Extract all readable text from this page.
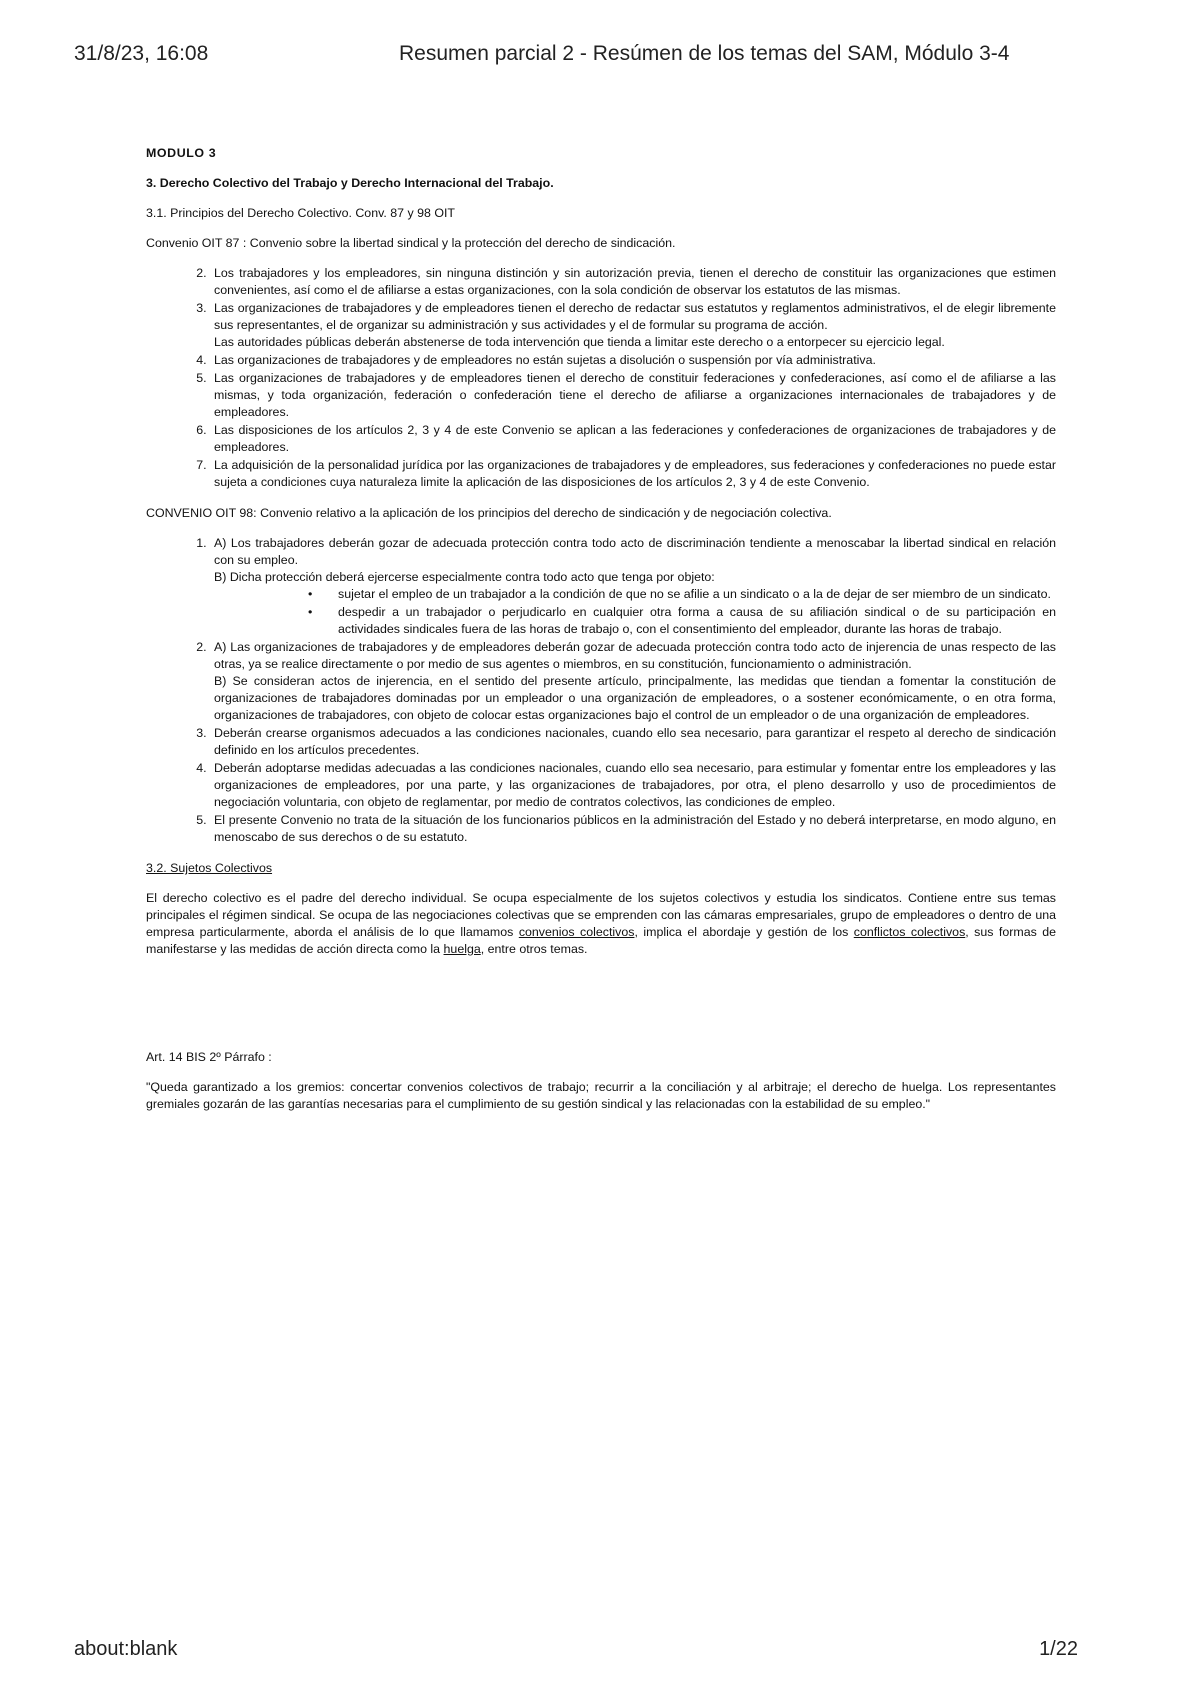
31/8/23, 16:08	Resumen parcial 2 - Resúmen de los temas del SAM, Módulo 3-4

MODULO 3

3. Derecho Colectivo del Trabajo y Derecho Internacional del Trabajo.

3.1. Principios del Derecho Colectivo. Conv. 87 y 98 OIT

Convenio OIT 87 : Convenio sobre la libertad sindical y la protección del derecho de sindicación.

2. Los trabajadores y los empleadores, sin ninguna distinción y sin autorización previa, tienen el derecho de constituir las organizaciones que estimen convenientes, así como el de afiliarse a estas organizaciones, con la sola condición de observar los estatutos de las mismas.
3. Las organizaciones de trabajadores y de empleadores tienen el derecho de redactar sus estatutos y reglamentos administrativos, el de elegir libremente sus representantes, el de organizar su administración y sus actividades y el de formular su programa de acción.
Las autoridades públicas deberán abstenerse de toda intervención que tienda a limitar este derecho o a entorpecer su ejercicio legal.
4. Las organizaciones de trabajadores y de empleadores no están sujetas a disolución o suspensión por vía administrativa.
5. Las organizaciones de trabajadores y de empleadores tienen el derecho de constituir federaciones y confederaciones, así como el de afiliarse a las mismas, y toda organización, federación o confederación tiene el derecho de afiliarse a organizaciones internacionales de trabajadores y de empleadores.
6. Las disposiciones de los artículos 2, 3 y 4 de este Convenio se aplican a las federaciones y confederaciones de organizaciones de trabajadores y de empleadores.
7. La adquisición de la personalidad jurídica por las organizaciones de trabajadores y de empleadores, sus federaciones y confederaciones no puede estar sujeta a condiciones cuya naturaleza limite la aplicación de las disposiciones de los artículos 2, 3 y 4 de este Convenio.

CONVENIO OIT 98: Convenio relativo a la aplicación de los principios del derecho de sindicación y de negociación colectiva.

1. A) Los trabajadores deberán gozar de adecuada protección contra todo acto de discriminación tendiente a menoscabar la libertad sindical en relación con su empleo.
B) Dicha protección deberá ejercerse especialmente contra todo acto que tenga por objeto:
• sujetar el empleo de un trabajador a la condición de que no se afilie a un sindicato o a la de dejar de ser miembro de un sindicato.
• despedir a un trabajador o perjudicarlo en cualquier otra forma a causa de su afiliación sindical o de su participación en actividades sindicales fuera de las horas de trabajo o, con el consentimiento del empleador, durante las horas de trabajo.
2. A) Las organizaciones de trabajadores y de empleadores deberán gozar de adecuada protección contra todo acto de injerencia de unas respecto de las otras, ya se realice directamente o por medio de sus agentes o miembros, en su constitución, funcionamiento o administración.
B) Se consideran actos de injerencia, en el sentido del presente artículo, principalmente, las medidas que tiendan a fomentar la constitución de organizaciones de trabajadores dominadas por un empleador o una organización de empleadores, o a sostener económicamente, o en otra forma, organizaciones de trabajadores, con objeto de colocar estas organizaciones bajo el control de un empleador o de una organización de empleadores.
3. Deberán crearse organismos adecuados a las condiciones nacionales, cuando ello sea necesario, para garantizar el respeto al derecho de sindicación definido en los artículos precedentes.
4. Deberán adoptarse medidas adecuadas a las condiciones nacionales, cuando ello sea necesario, para estimular y fomentar entre los empleadores y las organizaciones de empleadores, por una parte, y las organizaciones de trabajadores, por otra, el pleno desarrollo y uso de procedimientos de negociación voluntaria, con objeto de reglamentar, por medio de contratos colectivos, las condiciones de empleo.
5. El presente Convenio no trata de la situación de los funcionarios públicos en la administración del Estado y no deberá interpretarse, en modo alguno, en menoscabo de sus derechos o de su estatuto.

3.2. Sujetos Colectivos

El derecho colectivo es el padre del derecho individual. Se ocupa especialmente de los sujetos colectivos y estudia los sindicatos. Contiene entre sus temas principales el régimen sindical. Se ocupa de las negociaciones colectivas que se emprenden con las cámaras empresariales, grupo de empleadores o dentro de una empresa particularmente, aborda el análisis de lo que llamamos convenios colectivos, implica el abordaje y gestión de los conflictos colectivos, sus formas de manifestarse y las medidas de acción directa como la huelga, entre otros temas.

Art. 14 BIS 2º Párrafo :

"Queda garantizado a los gremios: concertar convenios colectivos de trabajo; recurrir a la conciliación y al arbitraje; el derecho de huelga. Los representantes gremiales gozarán de las garantías necesarias para el cumplimiento de su gestión sindical y las relacionadas con la estabilidad de su empleo."

about:blank	1/22
